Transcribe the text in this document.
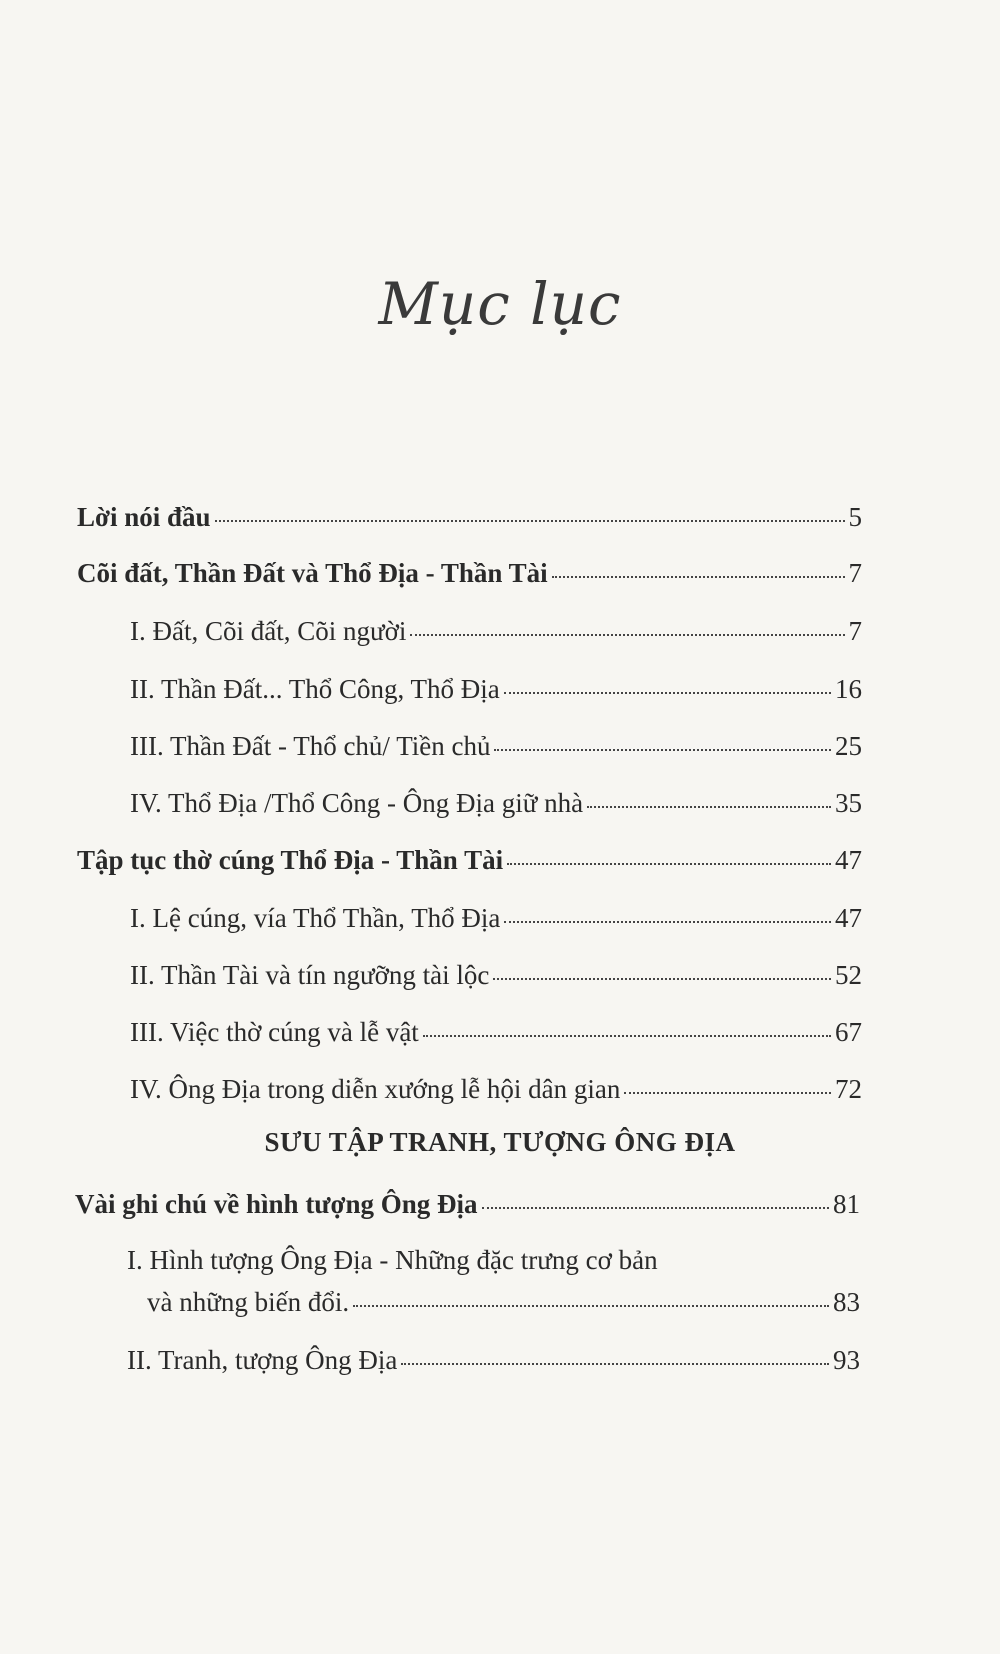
Mục lục
Lời nói đầu	5
Cõi đất, Thần Đất và Thổ Địa - Thần Tài	7
I. Đất, Cõi đất, Cõi người	7
II. Thần Đất... Thổ Công, Thổ Địa	16
III. Thần Đất - Thổ chủ/ Tiền chủ	25
IV. Thổ Địa /Thổ Công - Ông Địa giữ nhà	35
Tập tục thờ cúng Thổ Địa - Thần Tài	47
I. Lệ cúng, vía Thổ Thần, Thổ Địa	47
II. Thần Tài và tín ngưỡng tài lộc	52
III. Việc thờ cúng và lễ vật	67
IV. Ông Địa trong diễn xướng lễ hội dân gian	72
SƯU TẬP TRANH, TƯỢNG ÔNG ĐỊA
Vài ghi chú về hình tượng Ông Địa	81
I. Hình tượng Ông Địa - Những đặc trưng cơ bản
và những biến đổi.	83
II. Tranh, tượng Ông Địa	93
